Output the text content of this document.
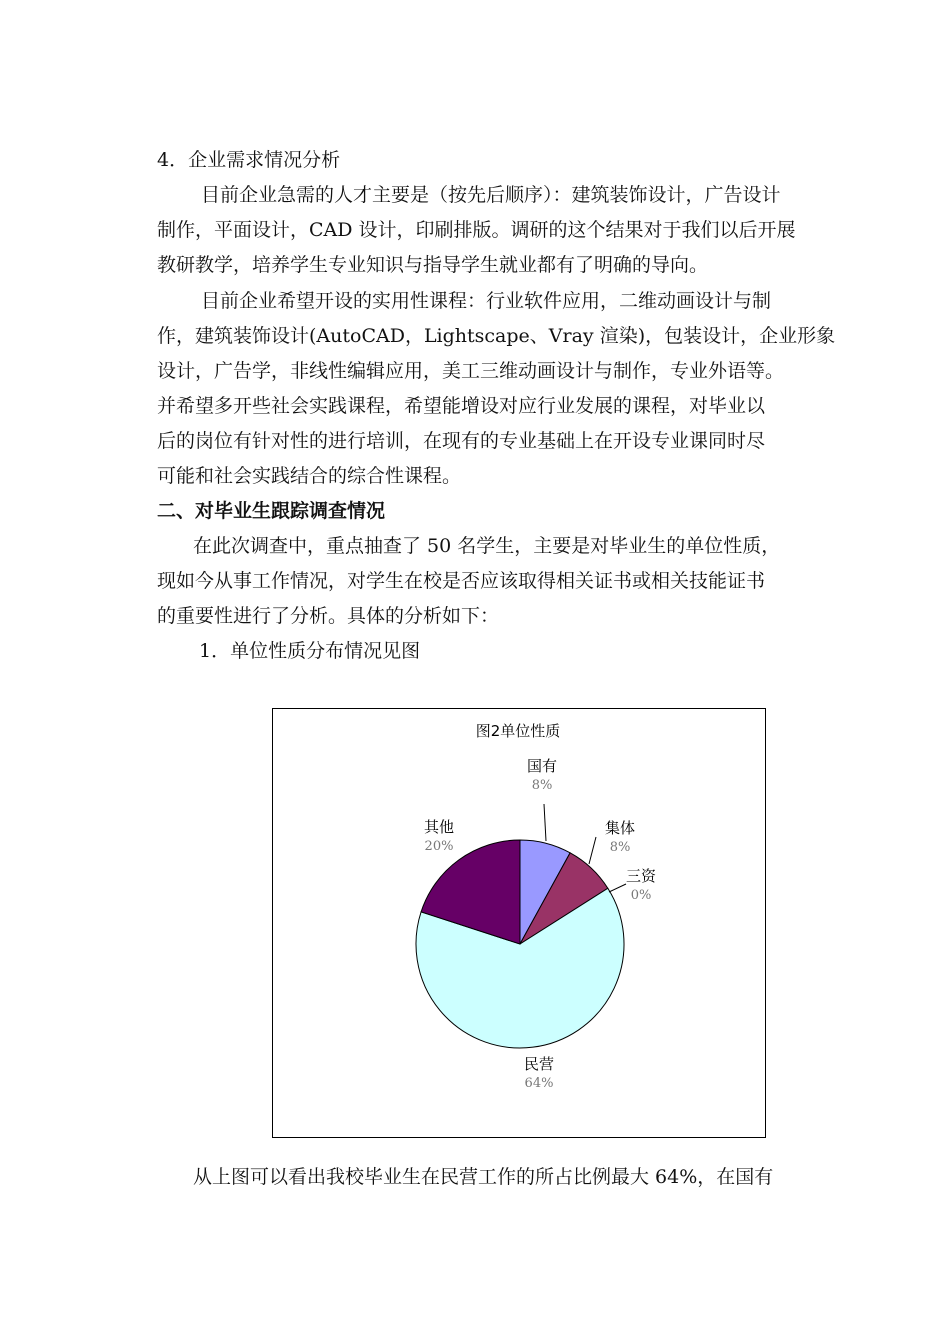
4．企业需求情况分析
目前企业急需的人才主要是（按先后顺序）：建筑装饰设计，广告设计
制作，平面设计，CAD 设计，印刷排版。调研的这个结果对于我们以后开展
教研教学，培养学生专业知识与指导学生就业都有了明确的导向。
目前企业希望开设的实用性课程：行业软件应用，二维动画设计与制
作，建筑装饰设计(AutoCAD，Lightscape、Vray 渲染)，包装设计，企业形象
设计，广告学，非线性编辑应用，美工三维动画设计与制作，专业外语等。
并希望多开些社会实践课程，希望能增设对应行业发展的课程，对毕业以
后的岗位有针对性的进行培训，在现有的专业基础上在开设专业课同时尽
可能和社会实践结合的综合性课程。
二、对毕业生跟踪调查情况
在此次调查中，重点抽查了 50 名学生，主要是对毕业生的单位性质，
现如今从事工作情况，对学生在校是否应该取得相关证书或相关技能证书
的重要性进行了分析。具体的分析如下：
1．单位性质分布情况见图
图2单位性质
国有
8%
集体
8%
三资
0%
民营
64%
其他
20%
从上图可以看出我校毕业生在民营工作的所占比例最大 64%，在国有
